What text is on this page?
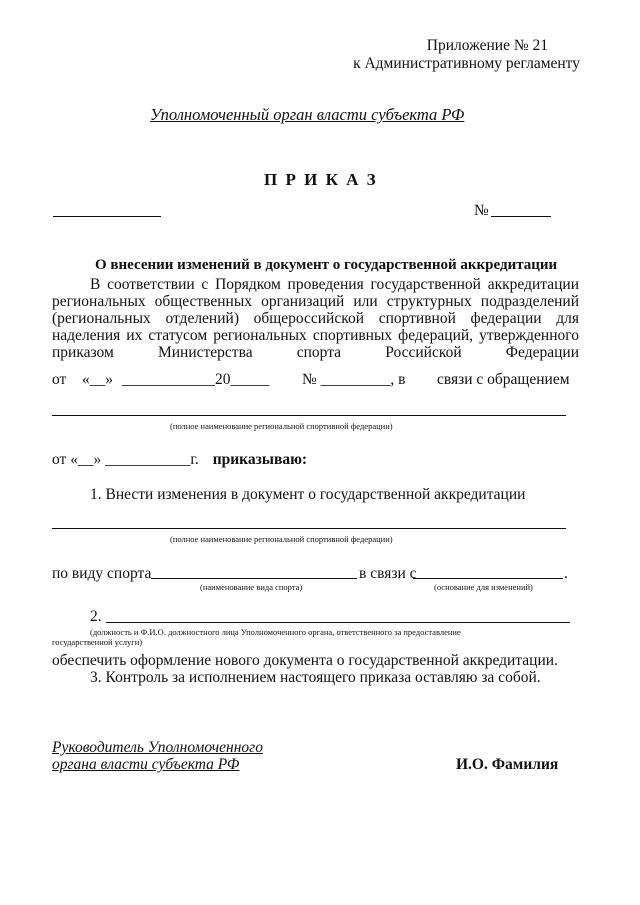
Приложение № 21
к Административному регламенту
Уполномоченный орган власти субъекта РФ
П Р И К А З
№
О внесении изменений в документ о государственной аккредитации
В соответствии с Порядком проведения государственной аккредитации
региональных общественных организаций или структурных подразделений
(региональных отделений) общероссийской спортивной федерации для
наделения их статусом региональных спортивных федераций, утвержденного
приказом Министерства спорта Российской Федерации
от «__» ____________20_____ № _________, в связи с обращением
(полное наименование региональной спортивной федерации)
от «__» ___________г. приказываю:
1. Внести изменения в документ о государственной аккредитации
(полное наименование региональной спортивной федерации)
по виду спорта	в связи с	.
(наименование вида спорта)	(основание для изменений)
2.
(должность и Ф.И.О. должностного лица Уполномоченного органа, ответственного за предоставление
государственной услуги)
обеспечить оформление нового документа о государственной аккредитации.
3. Контроль за исполнением настоящего приказа оставляю за собой.
Руководитель Уполномоченного
органа власти субъекта РФ	И.О. Фамилия
